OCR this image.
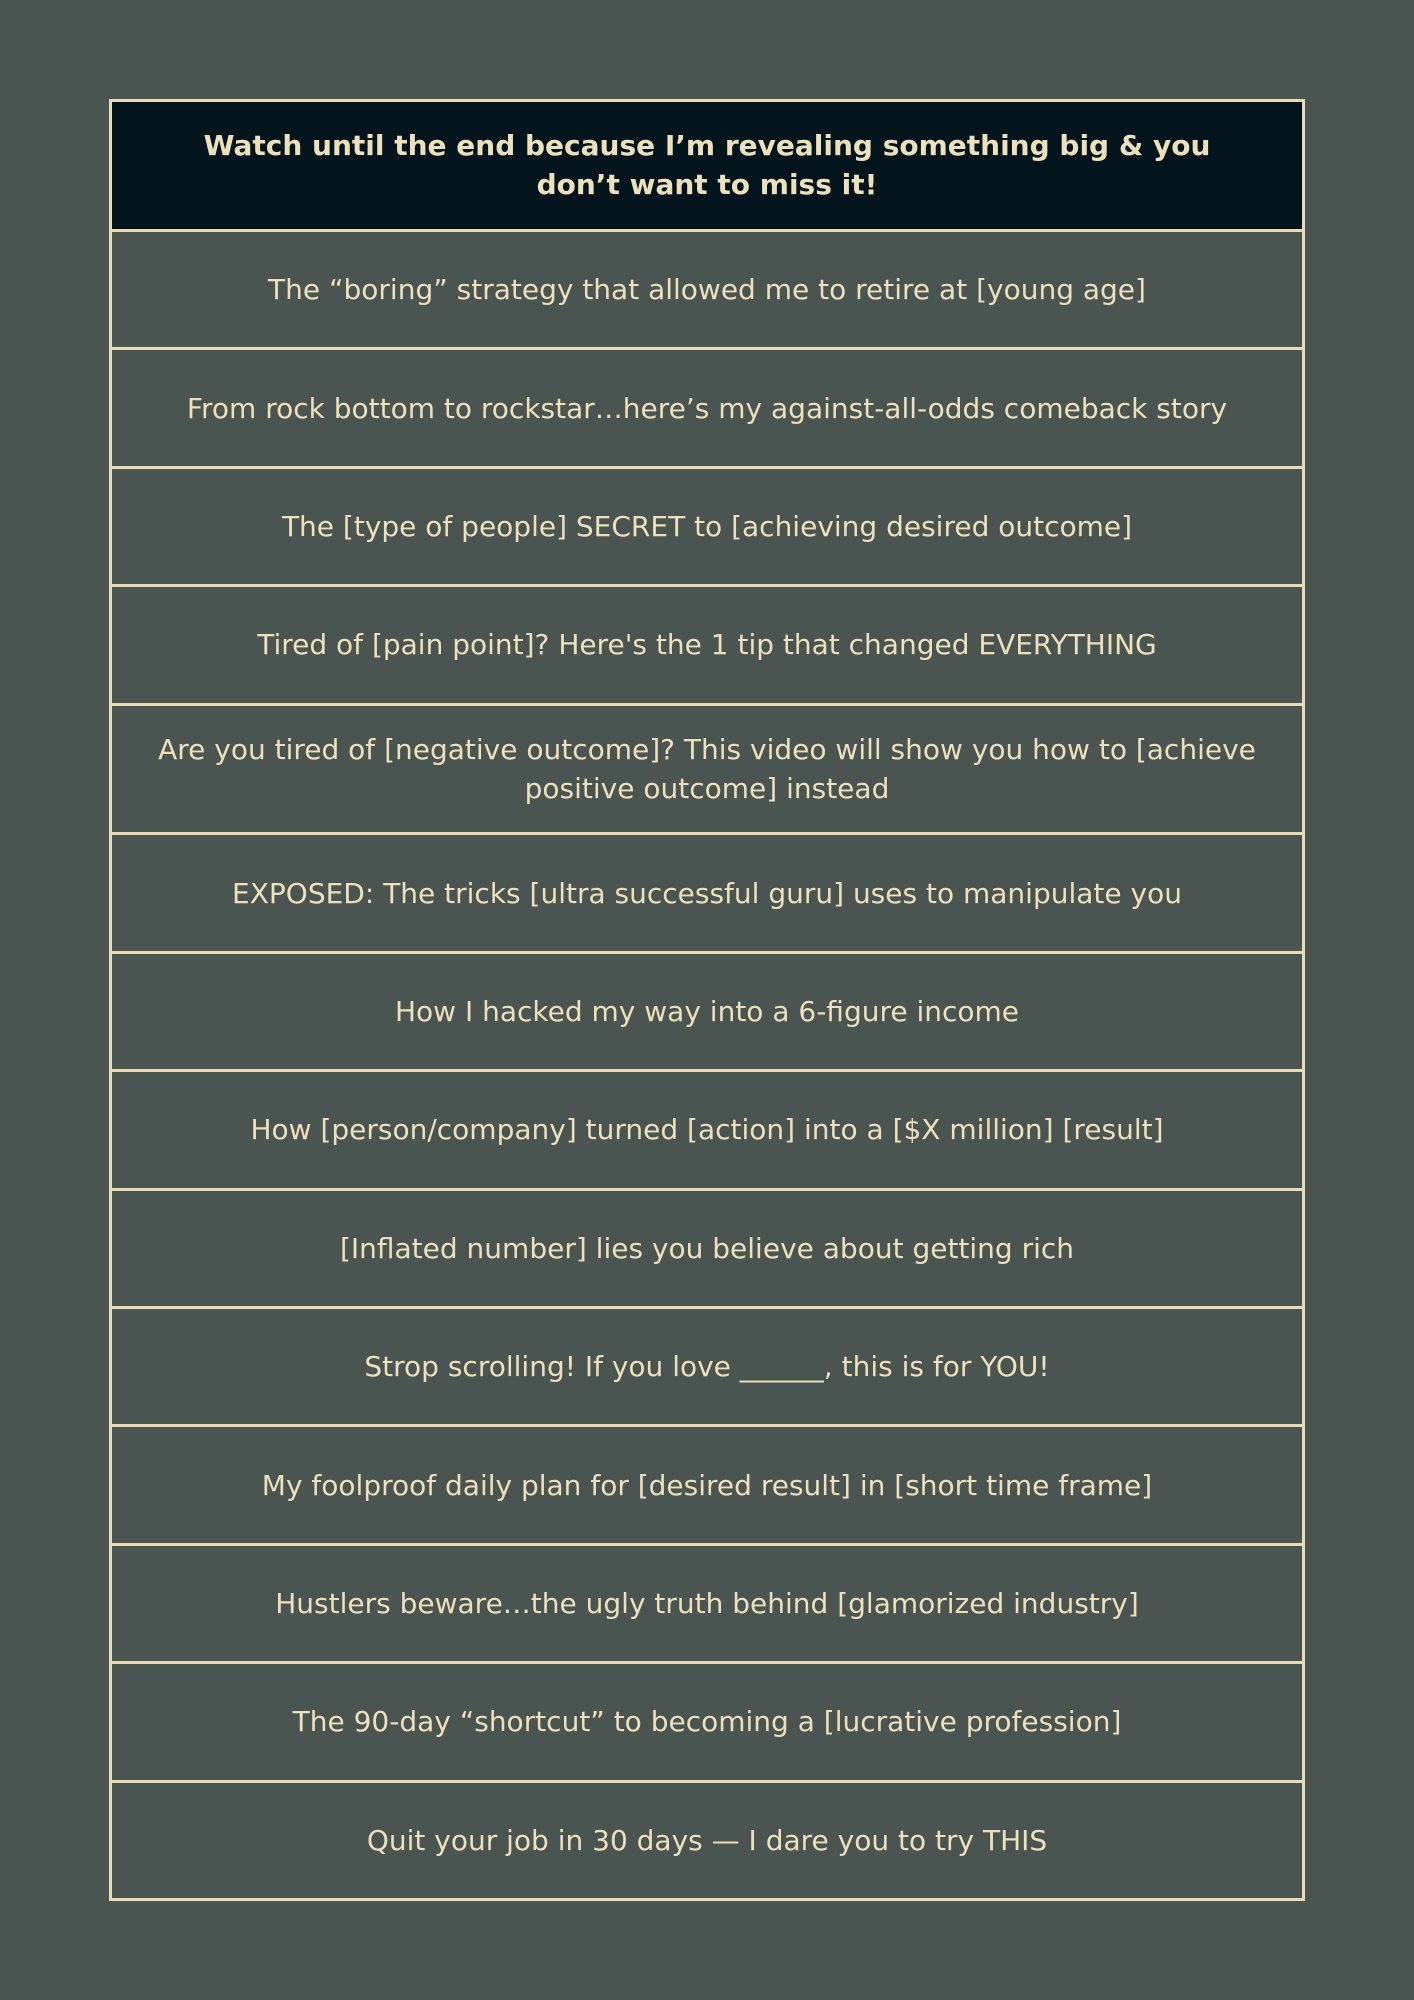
Watch until the end because I’m revealing something big & you don’t want to miss it!
The “boring” strategy that allowed me to retire at [young age]
From rock bottom to rockstar…here’s my against-all-odds comeback story
The [type of people] SECRET to [achieving desired outcome]
Tired of [pain point]? Here's the 1 tip that changed EVERYTHING
Are you tired of [negative outcome]? This video will show you how to [achieve positive outcome] instead
EXPOSED: The tricks [ultra successful guru] uses to manipulate you
How I hacked my way into a 6-figure income
How [person/company] turned [action] into a [$X million] [result]
[Inflated number] lies you believe about getting rich
Strop scrolling! If you love ______, this is for YOU!
My foolproof daily plan for [desired result] in [short time frame]
Hustlers beware…the ugly truth behind [glamorized industry]
The 90-day “shortcut” to becoming a [lucrative profession]
Quit your job in 30 days — I dare you to try THIS
